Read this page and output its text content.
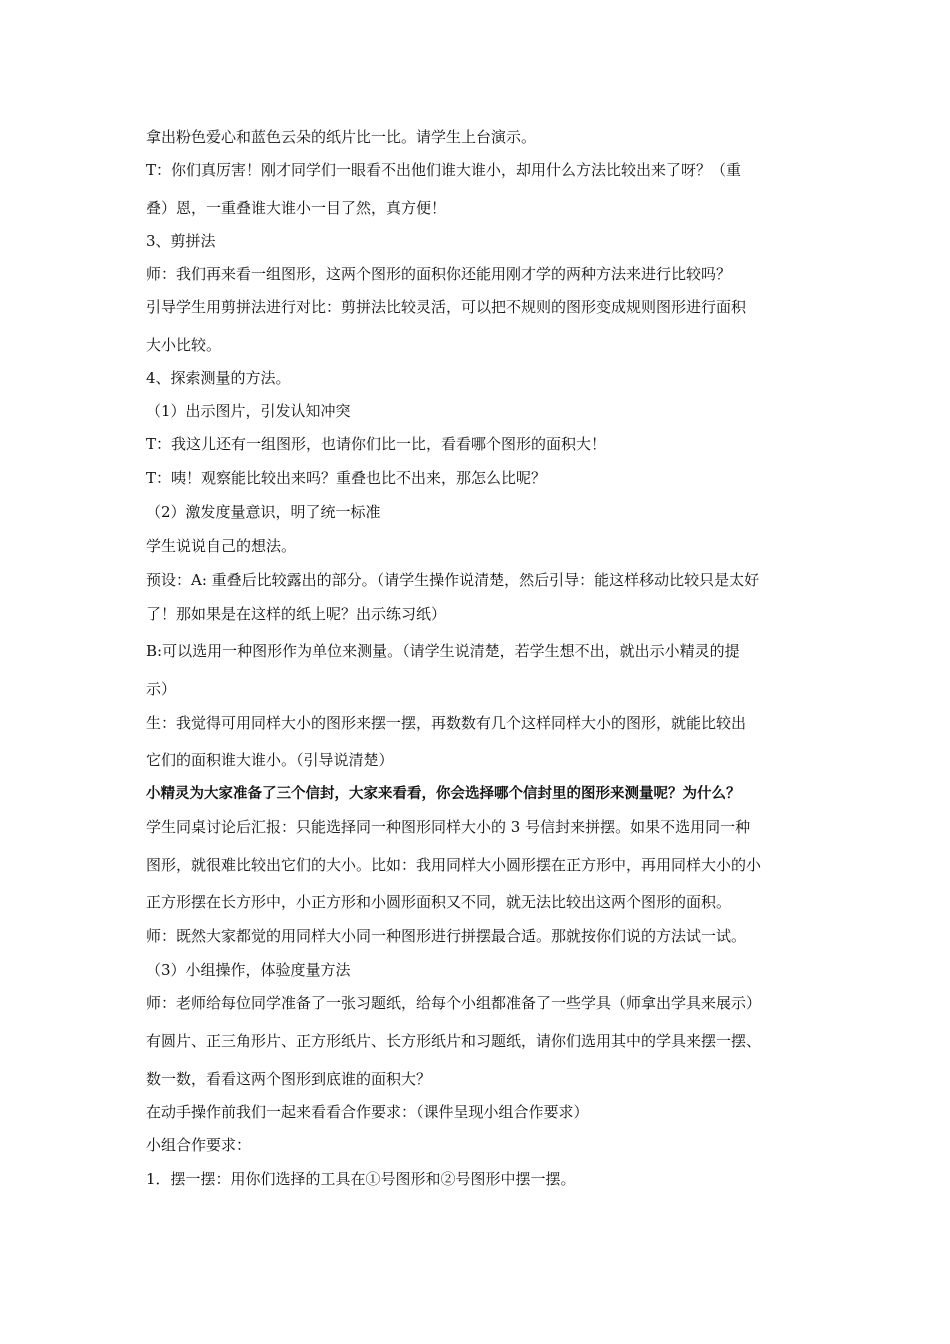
拿出粉色爱心和蓝色云朵的纸片比一比。请学生上台演示。
T：你们真厉害！刚才同学们一眼看不出他们谁大谁小，却用什么方法比较出来了呀？（重
叠）恩，一重叠谁大谁小一目了然，真方便！
3、剪拼法
师：我们再来看一组图形，这两个图形的面积你还能用刚才学的两种方法来进行比较吗？
引导学生用剪拼法进行对比：剪拼法比较灵活，可以把不规则的图形变成规则图形进行面积
大小比较。
4、探索测量的方法。
（1）出示图片，引发认知冲突
T：我这儿还有一组图形，也请你们比一比，看看哪个图形的面积大！
T：咦！观察能比较出来吗？重叠也比不出来，那怎么比呢？
（2）激发度量意识，明了统一标准
学生说说自己的想法。
预设：A: 重叠后比较露出的部分。（请学生操作说清楚，然后引导：能这样移动比较只是太好
了！那如果是在这样的纸上呢？出示练习纸）
B:可以选用一种图形作为单位来测量。（请学生说清楚，若学生想不出，就出示小精灵的提
示）
生：我觉得可用同样大小的图形来摆一摆，再数数有几个这样同样大小的图形，就能比较出
它们的面积谁大谁小。（引导说清楚）
小精灵为大家准备了三个信封，大家来看看，你会选择哪个信封里的图形来测量呢？为什么？
学生同桌讨论后汇报：只能选择同一种图形同样大小的 3 号信封来拼摆。如果不选用同一种
图形，就很难比较出它们的大小。比如：我用同样大小圆形摆在正方形中，再用同样大小的小
正方形摆在长方形中，小正方形和小圆形面积又不同，就无法比较出这两个图形的面积。
师：既然大家都觉的用同样大小同一种图形进行拼摆最合适。那就按你们说的方法试一试。
（3）小组操作，体验度量方法
师：老师给每位同学准备了一张习题纸，给每个小组都准备了一些学具（师拿出学具来展示）
有圆片、正三角形片、正方形纸片、长方形纸片和习题纸，请你们选用其中的学具来摆一摆、
数一数，看看这两个图形到底谁的面积大？
在动手操作前我们一起来看看合作要求：（课件呈现小组合作要求）
小组合作要求：
1．摆一摆：用你们选择的工具在①号图形和②号图形中摆一摆。
